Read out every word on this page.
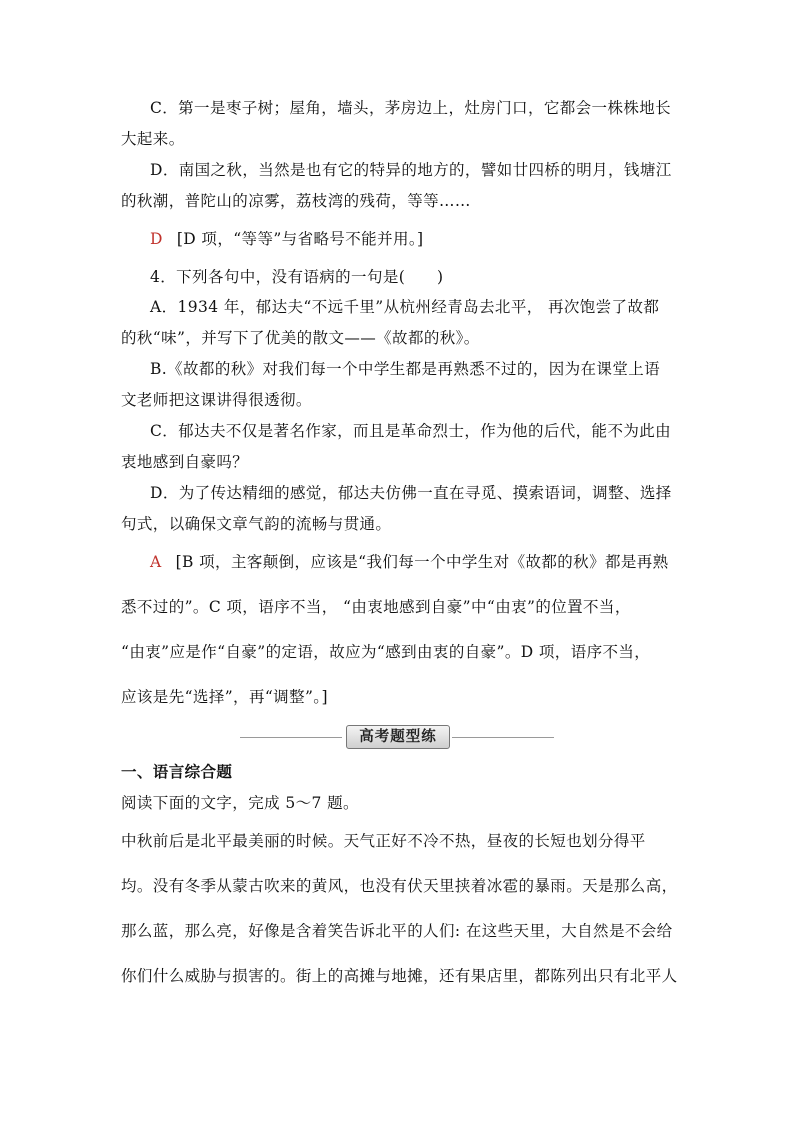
C．第一是枣子树；屋角，墙头，茅房边上，灶房门口，它都会一株株地长
大起来。
D．南国之秋，当然是也有它的特异的地方的，譬如廿四桥的明月，钱塘江
的秋潮，普陀山的凉雾，荔枝湾的残荷，等等……
D [D 项，“等等”与省略号不能并用。]
4．下列各句中，没有语病的一句是(　　)
A．1934 年，郁达夫“不远千里”从杭州经青岛去北平， 再次饱尝了故都
的秋“味”，并写下了优美的散文——《故都的秋》。
B.《故都的秋》对我们每一个中学生都是再熟悉不过的，因为在课堂上语
文老师把这课讲得很透彻。
C．郁达夫不仅是著名作家，而且是革命烈士，作为他的后代，能不为此由
衷地感到自豪吗？
D．为了传达精细的感觉，郁达夫仿佛一直在寻觅、摸索语词，调整、选择
句式，以确保文章气韵的流畅与贯通。
A [B 项，主客颠倒，应该是“我们每一个中学生对《故都的秋》都是再熟
悉不过的”。C 项，语序不当， “由衷地感到自豪”中“由衷”的位置不当，
“由衷”应是作“自豪”的定语，故应为“感到由衷的自豪”。D 项，语序不当，
应该是先“选择”，再“调整”。]
高考题型练
一、语言综合题
阅读下面的文字，完成 5～7 题。
中秋前后是北平最美丽的时候。天气正好不冷不热，昼夜的长短也划分得平
均。没有冬季从蒙古吹来的黄风，也没有伏天里挟着冰雹的暴雨。天是那么高，
那么蓝，那么亮，好像是含着笑告诉北平的人们: 在这些天里，大自然是不会给
你们什么威胁与损害的。街上的高摊与地摊，还有果店里，都陈列出只有北平人
